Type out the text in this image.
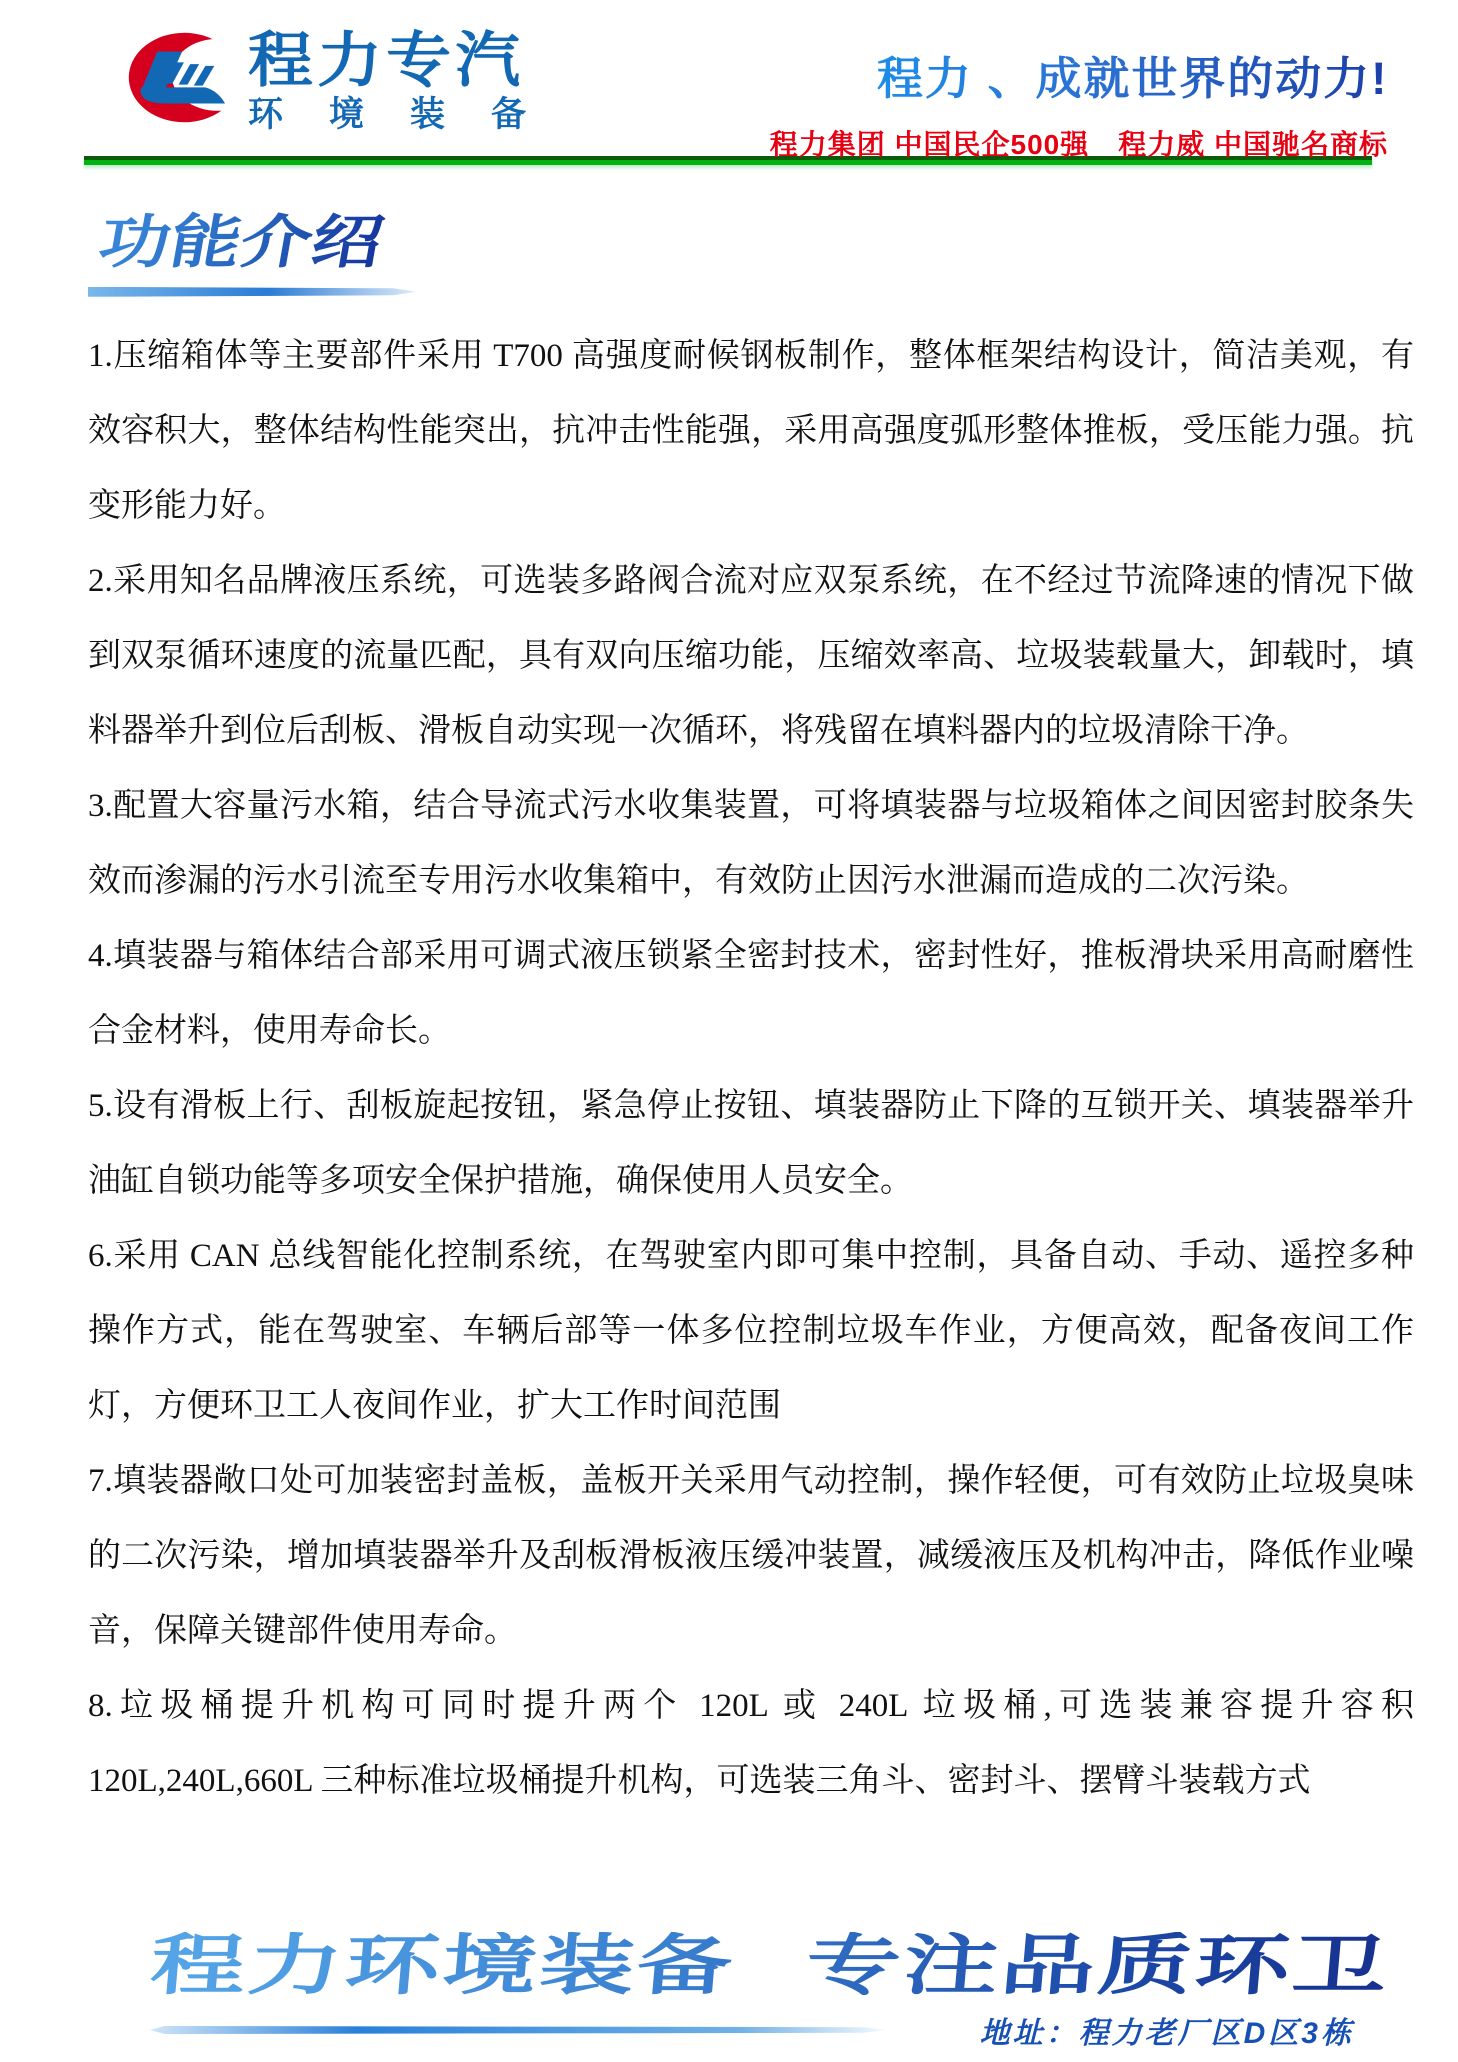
程力专汽
环境装备
程力 、成就世界的动力!
程力集团 中国民企500强　程力威 中国驰名商标
功能介绍

1.压缩箱体等主要部件采用 T700 高强度耐候钢板制作，整体框架结构设计，简洁美观，有效容积大，整体结构性能突出，抗冲击性能强，采用高强度弧形整体推板，受压能力强。抗变形能力好。

2.采用知名品牌液压系统，可选装多路阀合流对应双泵系统，在不经过节流降速的情况下做到双泵循环速度的流量匹配，具有双向压缩功能，压缩效率高、垃圾装载量大，卸载时，填料器举升到位后刮板、滑板自动实现一次循环，将残留在填料器内的垃圾清除干净。

3.配置大容量污水箱，结合导流式污水收集装置，可将填装器与垃圾箱体之间因密封胶条失效而渗漏的污水引流至专用污水收集箱中，有效防止因污水泄漏而造成的二次污染。

4.填装器与箱体结合部采用可调式液压锁紧全密封技术，密封性好，推板滑块采用高耐磨性合金材料，使用寿命长。

5.设有滑板上行、刮板旋起按钮，紧急停止按钮、填装器防止下降的互锁开关、填装器举升油缸自锁功能等多项安全保护措施，确保使用人员安全。

6.采用 CAN 总线智能化控制系统，在驾驶室内即可集中控制，具备自动、手动、遥控多种操作方式，能在驾驶室、车辆后部等一体多位控制垃圾车作业，方便高效，配备夜间工作灯，方便环卫工人夜间作业，扩大工作时间范围

7.填装器敞口处可加装密封盖板，盖板开关采用气动控制，操作轻便，可有效防止垃圾臭味的二次污染，增加填装器举升及刮板滑板液压缓冲装置，减缓液压及机构冲击，降低作业噪音，保障关键部件使用寿命。

8.垃圾桶提升机构可同时提升两个 120L 或 240L 垃圾桶,可选装兼容提升容积 120L,240L,660L 三种标准垃圾桶提升机构，可选装三角斗、密封斗、摆臂斗装载方式

程力环境装备 专注品质环卫
地址：程力老厂区D区3栋
